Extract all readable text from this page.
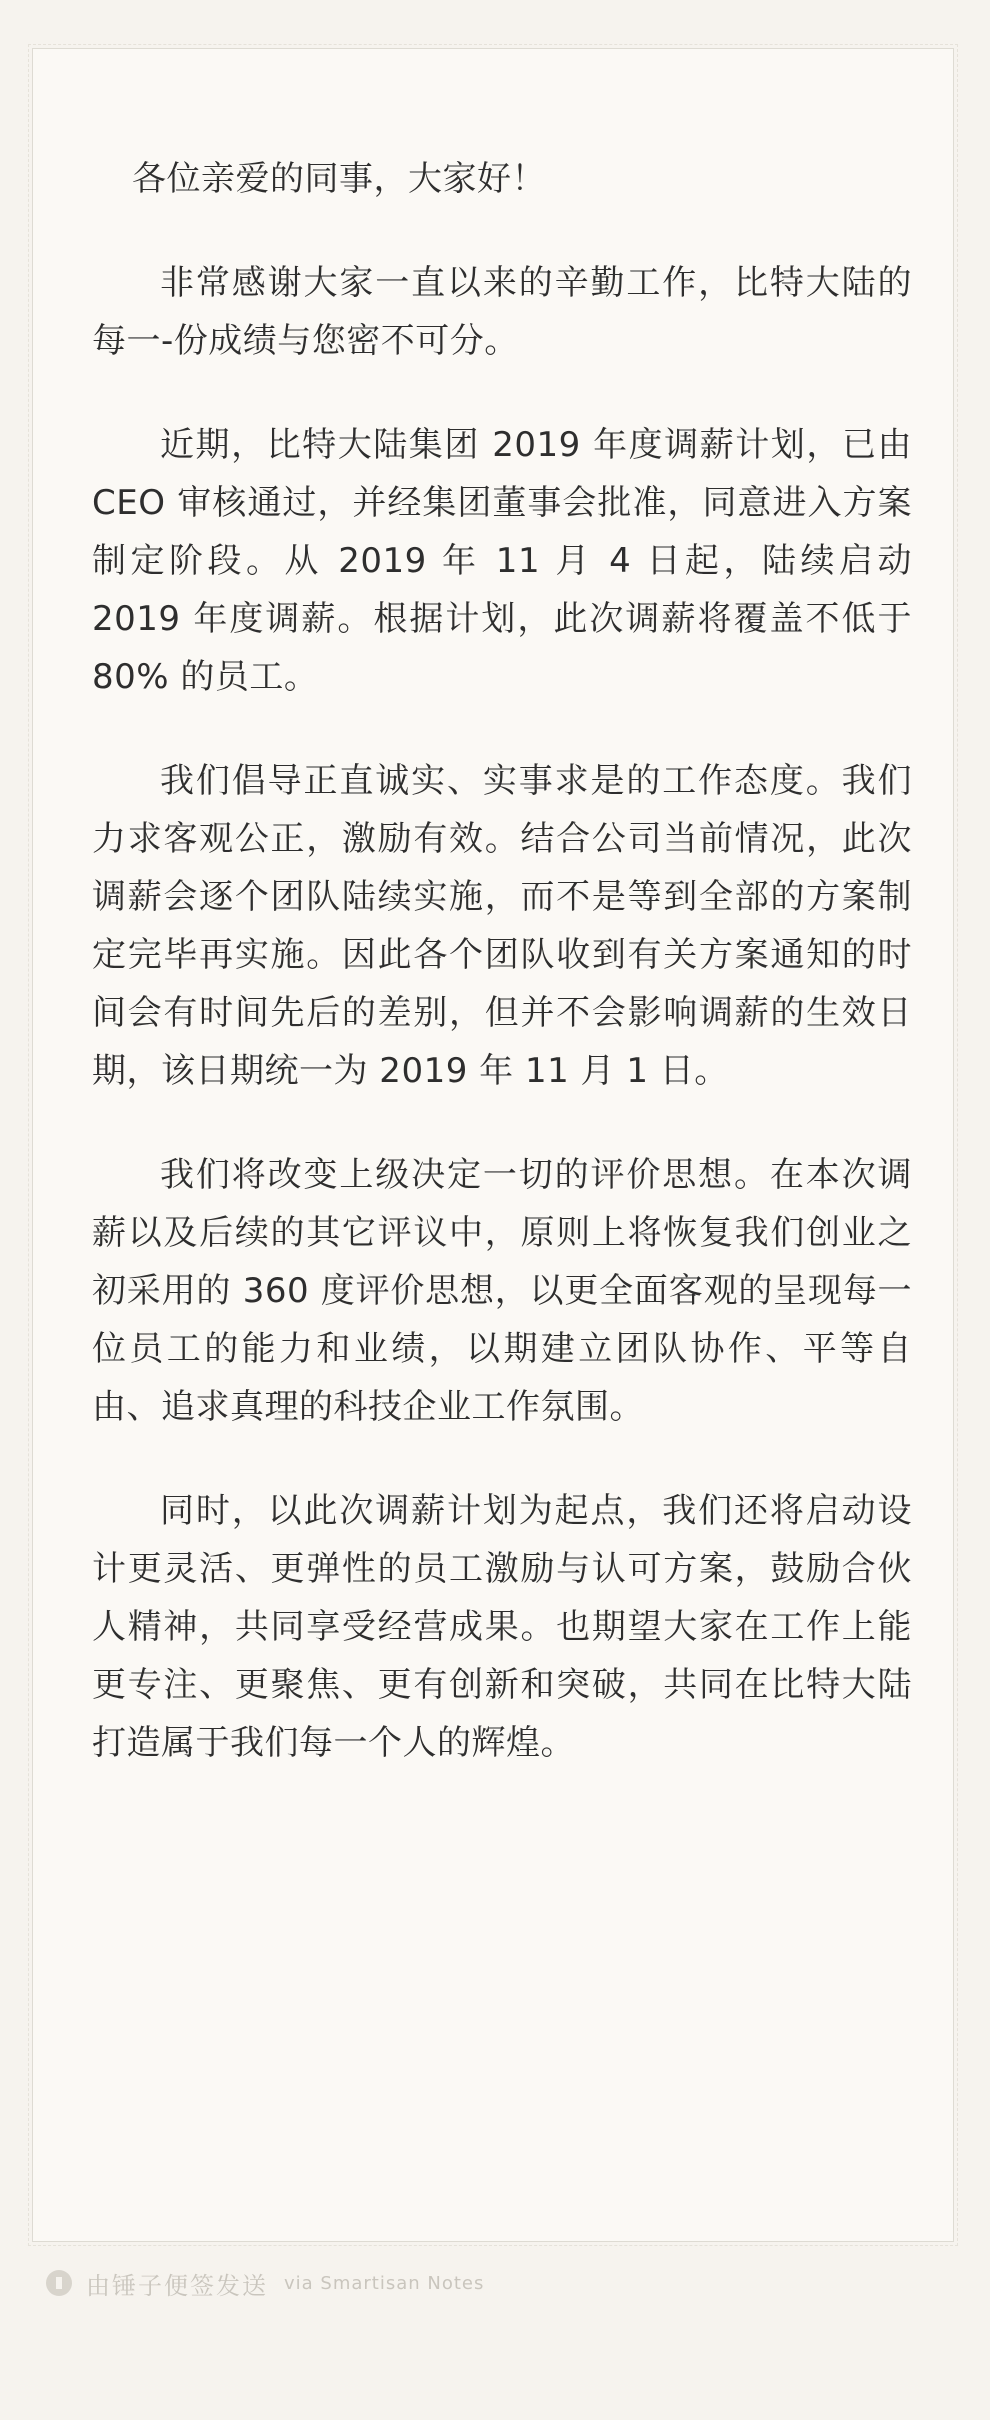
各位亲爱的同事，大家好！

非常感谢大家一直以来的辛勤工作，比特大陆的每一-份成绩与您密不可分。

近期，比特大陆集团 2019 年度调薪计划，已由 CEO 审核通过，并经集团董事会批准，同意进入方案制定阶段。从 2019 年 11 月 4 日起，陆续启动 2019 年度调薪。根据计划，此次调薪将覆盖不低于 80% 的员工。

我们倡导正直诚实、实事求是的工作态度。我们力求客观公正，激励有效。结合公司当前情况，此次调薪会逐个团队陆续实施，而不是等到全部的方案制定完毕再实施。因此各个团队收到有关方案通知的时间会有时间先后的差别，但并不会影响调薪的生效日期，该日期统一为 2019 年 11 月 1 日。

我们将改变上级决定一切的评价思想。在本次调薪以及后续的其它评议中，原则上将恢复我们创业之初采用的 360 度评价思想，以更全面客观的呈现每一位员工的能力和业绩，以期建立团队协作、平等自由、追求真理的科技企业工作氛围。

同时，以此次调薪计划为起点，我们还将启动设计更灵活、更弹性的员工激励与认可方案，鼓励合伙人精神，共同享受经营成果。也期望大家在工作上能更专注、更聚焦、更有创新和突破，共同在比特大陆打造属于我们每一个人的辉煌。

由锤子便签发送 via Smartisan Notes
